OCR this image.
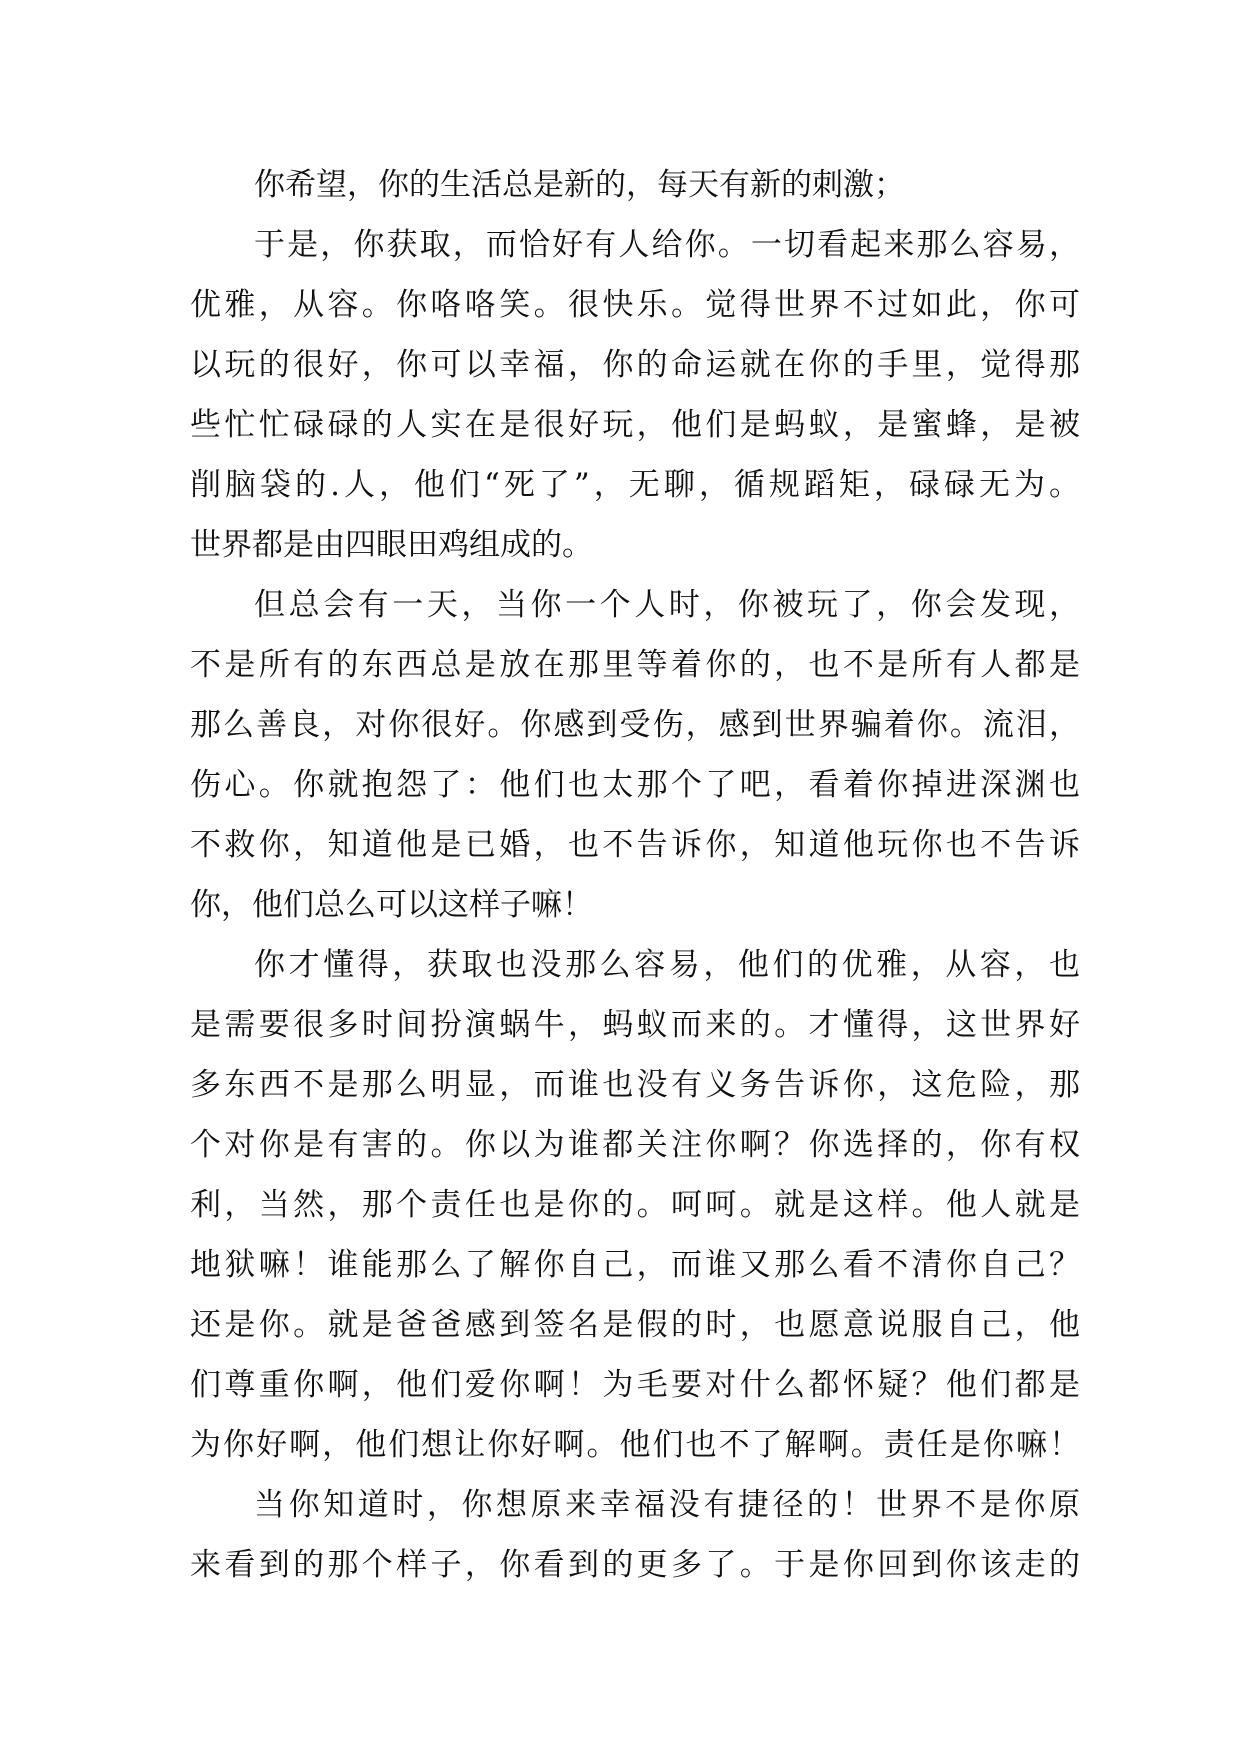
你希望，你的生活总是新的，每天有新的刺激；
于是，你获取，而恰好有人给你。一切看起来那么容易，
优雅，从容。你咯咯笑。很快乐。觉得世界不过如此，你可
以玩的很好，你可以幸福，你的命运就在你的手里，觉得那
些忙忙碌碌的人实在是很好玩，他们是蚂蚁，是蜜蜂，是被
削脑袋的.人，他们“死了”，无聊，循规蹈矩，碌碌无为。
世界都是由四眼田鸡组成的。
但总会有一天，当你一个人时，你被玩了，你会发现，
不是所有的东西总是放在那里等着你的，也不是所有人都是
那么善良，对你很好。你感到受伤，感到世界骗着你。流泪，
伤心。你就抱怨了：他们也太那个了吧，看着你掉进深渊也
不救你，知道他是已婚，也不告诉你，知道他玩你也不告诉
你，他们总么可以这样子嘛！
你才懂得，获取也没那么容易，他们的优雅，从容，也
是需要很多时间扮演蜗牛，蚂蚁而来的。才懂得，这世界好
多东西不是那么明显，而谁也没有义务告诉你，这危险，那
个对你是有害的。你以为谁都关注你啊？你选择的，你有权
利，当然，那个责任也是你的。呵呵。就是这样。他人就是
地狱嘛！谁能那么了解你自己，而谁又那么看不清你自己？
还是你。就是爸爸感到签名是假的时，也愿意说服自己，他
们尊重你啊，他们爱你啊！为毛要对什么都怀疑？他们都是
为你好啊，他们想让你好啊。他们也不了解啊。责任是你嘛！
当你知道时，你想原来幸福没有捷径的！世界不是你原
来看到的那个样子，你看到的更多了。于是你回到你该走的
